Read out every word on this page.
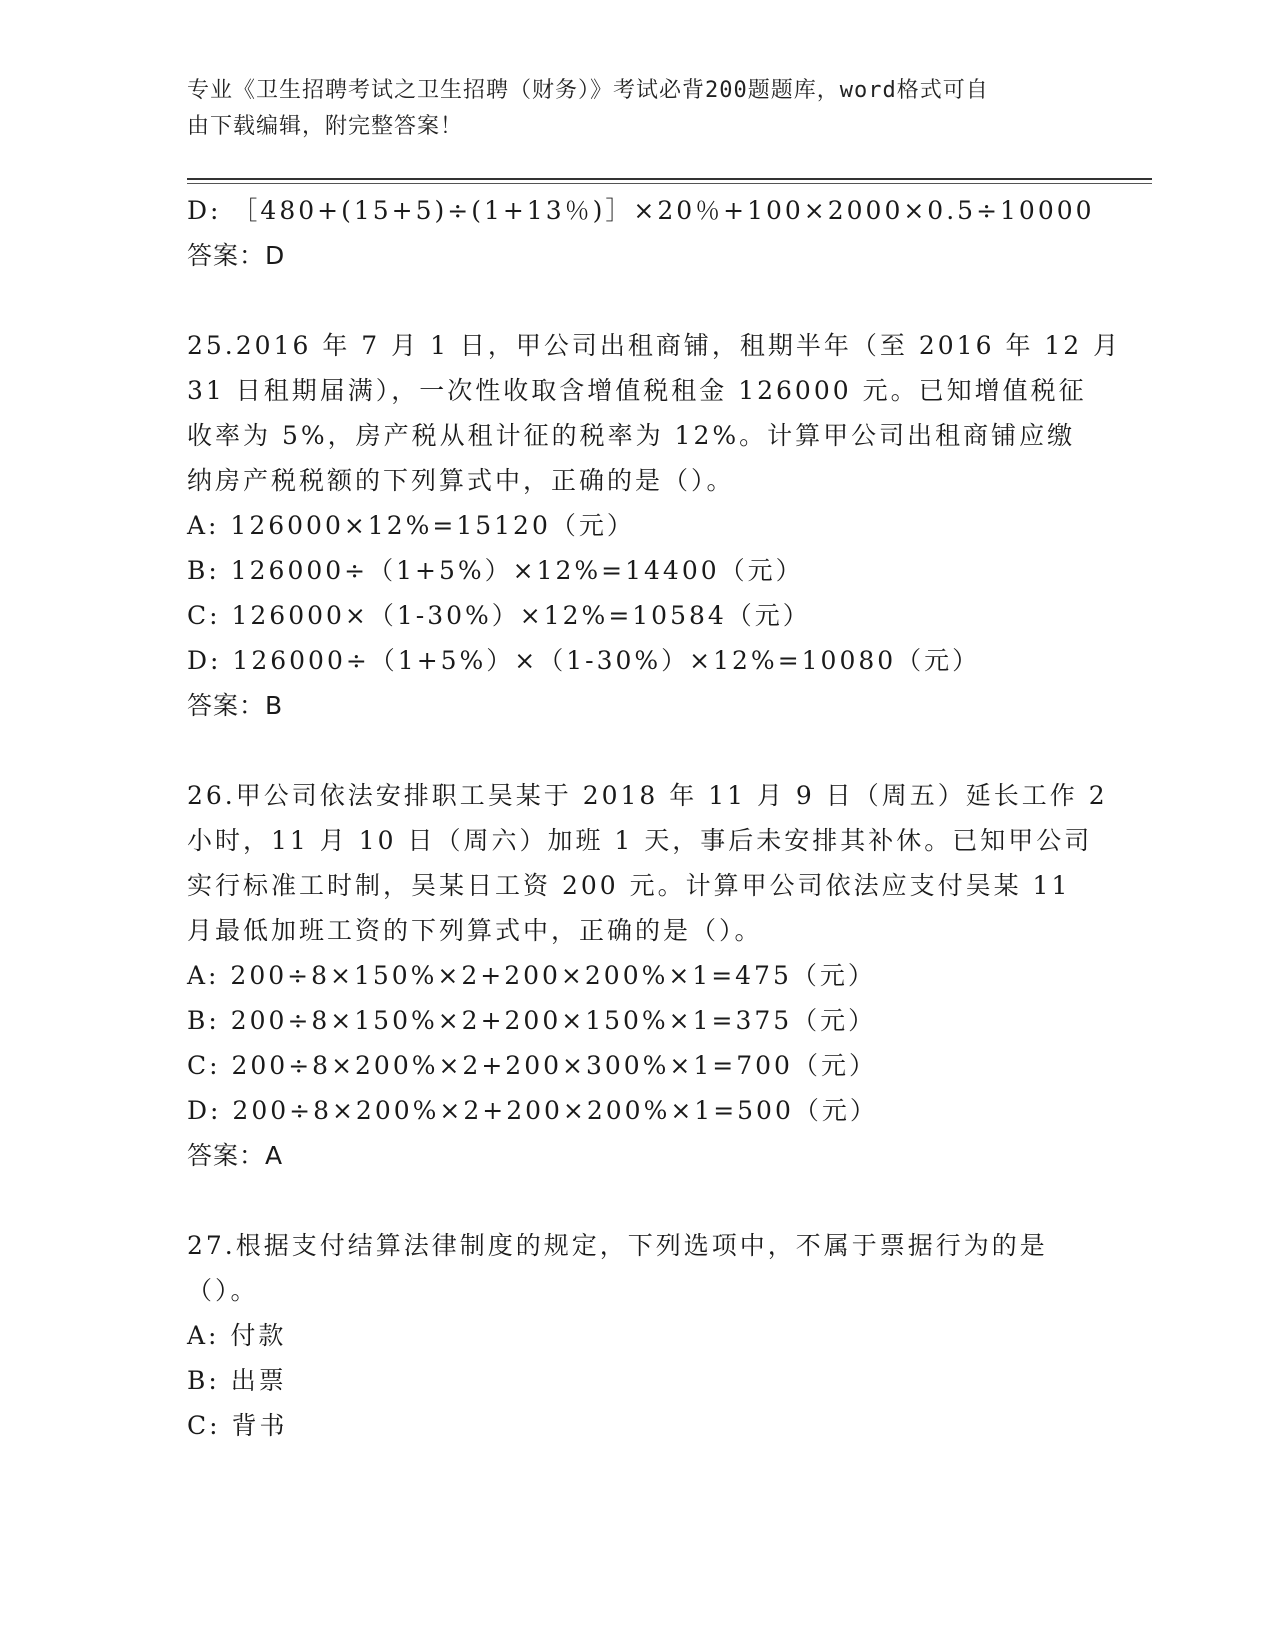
专业《卫生招聘考试之卫生招聘（财务）》考试必背200题题库，word格式可自
由下载编辑，附完整答案！
D: ［480+(15+5)÷(1+13％)］×20％+100×2000×0.5÷10000
答案：D
25.2016 年 7 月 1 日，甲公司出租商铺，租期半年（至 2016 年 12 月
31 日租期届满），一次性收取含增值税租金 126000 元。已知增值税征
收率为 5%，房产税从租计征的税率为 12%。计算甲公司出租商铺应缴
纳房产税税额的下列算式中，正确的是（）。
A: 126000×12%=15120（元）
B: 126000÷（1+5%）×12%=14400（元）
C: 126000×（1-30%）×12%=10584（元）
D: 126000÷（1+5%）×（1-30%）×12%=10080（元）
答案：B
26.甲公司依法安排职工吴某于 2018 年 11 月 9 日（周五）延长工作 2
小时，11 月 10 日（周六）加班 1 天，事后未安排其补休。已知甲公司
实行标准工时制，吴某日工资 200 元。计算甲公司依法应支付吴某 11
月最低加班工资的下列算式中，正确的是（）。
A: 200÷8×150%×2+200×200%×1=475（元）
B: 200÷8×150%×2+200×150%×1=375（元）
C: 200÷8×200%×2+200×300%×1=700（元）
D: 200÷8×200%×2+200×200%×1=500（元）
答案：A
27.根据支付结算法律制度的规定，下列选项中，不属于票据行为的是
（）。
A: 付款
B: 出票
C: 背书
